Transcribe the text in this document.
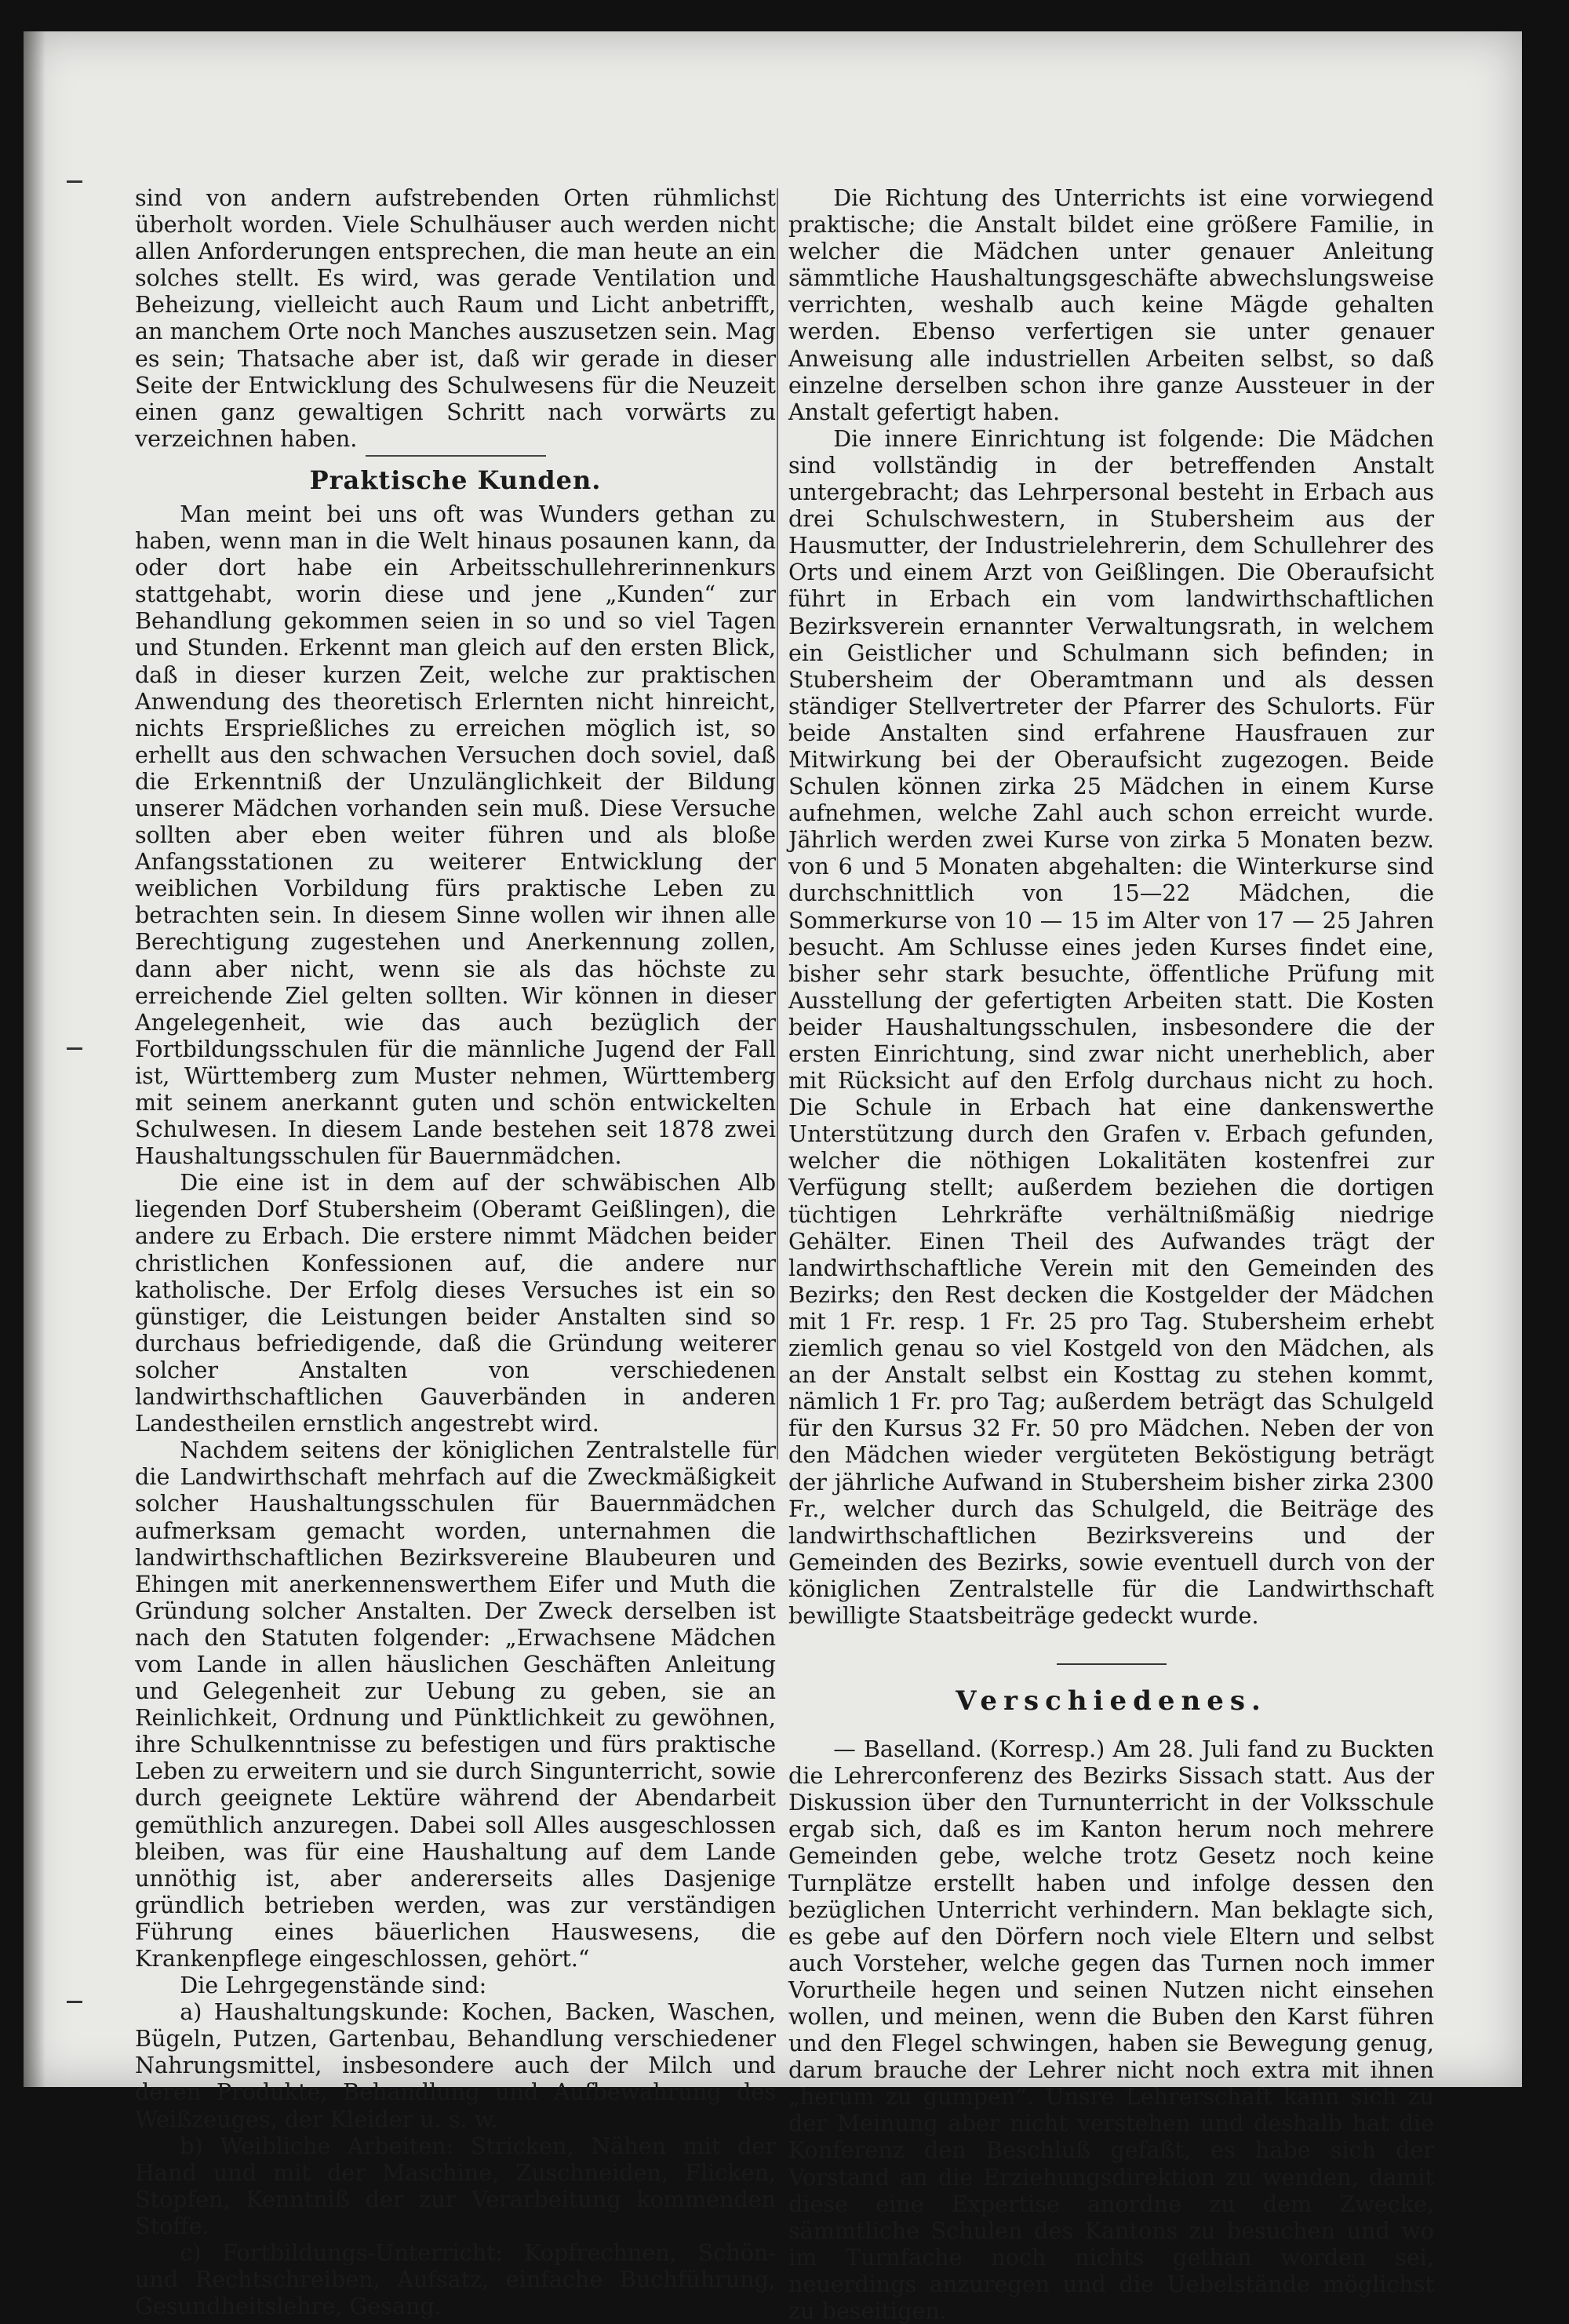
sind von andern aufstrebenden Orten rühmlichst überholt worden. Viele Schulhäuser auch werden nicht allen Anforderungen entsprechen, die man heute an ein solches stellt. Es wird, was gerade Ventilation und Beheizung, vielleicht auch Raum und Licht anbetrifft, an manchem Orte noch Manches auszusetzen sein. Mag es sein; Thatsache aber ist, daß wir gerade in dieser Seite der Entwicklung des Schulwesens für die Neuzeit einen ganz gewaltigen Schritt nach vorwärts zu verzeichnen haben.

Praktische Kunden.

Man meint bei uns oft was Wunders gethan zu haben, wenn man in die Welt hinaus posaunen kann, da oder dort habe ein Arbeitsschullehrerinnenkurs stattgehabt, worin diese und jene „Kunden“ zur Behandlung gekommen seien in so und so viel Tagen und Stunden. Erkennt man gleich auf den ersten Blick, daß in dieser kurzen Zeit, welche zur praktischen Anwendung des theoretisch Erlernten nicht hinreicht, nichts Ersprießliches zu erreichen möglich ist, so erhellt aus den schwachen Versuchen doch soviel, daß die Erkenntniß der Unzulänglichkeit der Bildung unserer Mädchen vorhanden sein muß. Diese Versuche sollten aber eben weiter führen und als bloße Anfangsstationen zu weiterer Entwicklung der weiblichen Vorbildung fürs praktische Leben zu betrachten sein. In diesem Sinne wollen wir ihnen alle Berechtigung zugestehen und Anerkennung zollen, dann aber nicht, wenn sie als das höchste zu erreichende Ziel gelten sollten. Wir können in dieser Angelegenheit, wie das auch bezüglich der Fortbildungsschulen für die männliche Jugend der Fall ist, Württemberg zum Muster nehmen, Württemberg mit seinem anerkannt guten und schön entwickelten Schulwesen. In diesem Lande bestehen seit 1878 zwei Haushaltungsschulen für Bauernmädchen.

Die eine ist in dem auf der schwäbischen Alb liegenden Dorf Stubersheim (Oberamt Geißlingen), die andere zu Erbach. Die erstere nimmt Mädchen beider christlichen Konfessionen auf, die andere nur katholische. Der Erfolg dieses Versuches ist ein so günstiger, die Leistungen beider Anstalten sind so durchaus befriedigende, daß die Gründung weiterer solcher Anstalten von verschiedenen landwirthschaftlichen Gauverbänden in anderen Landestheilen ernstlich angestrebt wird.

Nachdem seitens der königlichen Zentralstelle für die Landwirthschaft mehrfach auf die Zweckmäßigkeit solcher Haushaltungsschulen für Bauernmädchen aufmerksam gemacht worden, unternahmen die landwirthschaftlichen Bezirksvereine Blaubeuren und Ehingen mit anerkennenswerthem Eifer und Muth die Gründung solcher Anstalten. Der Zweck derselben ist nach den Statuten folgender: „Erwachsene Mädchen vom Lande in allen häuslichen Geschäften Anleitung und Gelegenheit zur Uebung zu geben, sie an Reinlichkeit, Ordnung und Pünktlichkeit zu gewöhnen, ihre Schulkenntnisse zu befestigen und fürs praktische Leben zu erweitern und sie durch Singunterricht, sowie durch geeignete Lektüre während der Abendarbeit gemüthlich anzuregen. Dabei soll Alles ausgeschlossen bleiben, was für eine Haushaltung auf dem Lande unnöthig ist, aber andererseits alles Dasjenige gründlich betrieben werden, was zur verständigen Führung eines bäuerlichen Hauswesens, die Krankenpflege eingeschlossen, gehört.“

Die Lehrgegenstände sind:

a) Haushaltungskunde: Kochen, Backen, Waschen, Bügeln, Putzen, Gartenbau, Behandlung verschiedener Nahrungsmittel, insbesondere auch der Milch und deren Produkte, Behandlung und Aufbewahrung des Weißzeuges, der Kleider u. s. w.

b) Weibliche Arbeiten: Stricken, Nähen mit der Hand und mit der Maschine, Zuschneiden, Flicken, Stopfen, Kenntniß der zur Verarbeitung kommenden Stoffe.

c) Fortbildungs-Unterricht: Kopfrechnen, Schön- und Rechtschreiben, Aufsatz, einfache Buchführung, Gesundheitslehre, Gesang.

Die Richtung des Unterrichts ist eine vorwiegend praktische; die Anstalt bildet eine größere Familie, in welcher die Mädchen unter genauer Anleitung sämmtliche Haushaltungsgeschäfte abwechslungsweise verrichten, weshalb auch keine Mägde gehalten werden. Ebenso verfertigen sie unter genauer Anweisung alle industriellen Arbeiten selbst, so daß einzelne derselben schon ihre ganze Aussteuer in der Anstalt gefertigt haben.

Die innere Einrichtung ist folgende: Die Mädchen sind vollständig in der betreffenden Anstalt untergebracht; das Lehrpersonal besteht in Erbach aus drei Schulschwestern, in Stubersheim aus der Hausmutter, der Industrielehrerin, dem Schullehrer des Orts und einem Arzt von Geißlingen. Die Oberaufsicht führt in Erbach ein vom landwirthschaftlichen Bezirksverein ernannter Verwaltungsrath, in welchem ein Geistlicher und Schulmann sich befinden; in Stubersheim der Oberamtmann und als dessen ständiger Stellvertreter der Pfarrer des Schulorts. Für beide Anstalten sind erfahrene Hausfrauen zur Mitwirkung bei der Oberaufsicht zugezogen. Beide Schulen können zirka 25 Mädchen in einem Kurse aufnehmen, welche Zahl auch schon erreicht wurde. Jährlich werden zwei Kurse von zirka 5 Monaten bezw. von 6 und 5 Monaten abgehalten: die Winterkurse sind durchschnittlich von 15—22 Mädchen, die Sommerkurse von 10 — 15 im Alter von 17 — 25 Jahren besucht. Am Schlusse eines jeden Kurses findet eine, bisher sehr stark besuchte, öffentliche Prüfung mit Ausstellung der gefertigten Arbeiten statt. Die Kosten beider Haushaltungsschulen, insbesondere die der ersten Einrichtung, sind zwar nicht unerheblich, aber mit Rücksicht auf den Erfolg durchaus nicht zu hoch. Die Schule in Erbach hat eine dankenswerthe Unterstützung durch den Grafen v. Erbach gefunden, welcher die nöthigen Lokalitäten kostenfrei zur Verfügung stellt; außerdem beziehen die dortigen tüchtigen Lehrkräfte verhältnißmäßig niedrige Gehälter. Einen Theil des Aufwandes trägt der landwirthschaftliche Verein mit den Gemeinden des Bezirks; den Rest decken die Kostgelder der Mädchen mit 1 Fr. resp. 1 Fr. 25 pro Tag. Stubersheim erhebt ziemlich genau so viel Kostgeld von den Mädchen, als an der Anstalt selbst ein Kosttag zu stehen kommt, nämlich 1 Fr. pro Tag; außerdem beträgt das Schulgeld für den Kursus 32 Fr. 50 pro Mädchen. Neben der von den Mädchen wieder vergüteten Beköstigung beträgt der jährliche Aufwand in Stubersheim bisher zirka 2300 Fr., welcher durch das Schulgeld, die Beiträge des landwirthschaftlichen Bezirksvereins und der Gemeinden des Bezirks, sowie eventuell durch von der königlichen Zentralstelle für die Landwirthschaft bewilligte Staatsbeiträge gedeckt wurde.

Verschiedenes.

— Baselland. (Korresp.) Am 28. Juli fand zu Buckten die Lehrerconferenz des Bezirks Sissach statt. Aus der Diskussion über den Turnunterricht in der Volksschule ergab sich, daß es im Kanton herum noch mehrere Gemeinden gebe, welche trotz Gesetz noch keine Turnplätze erstellt haben und infolge dessen den bezüglichen Unterricht verhindern. Man beklagte sich, es gebe auf den Dörfern noch viele Eltern und selbst auch Vorsteher, welche gegen das Turnen noch immer Vorurtheile hegen und seinen Nutzen nicht einsehen wollen, und meinen, wenn die Buben den Karst führen und den Flegel schwingen, haben sie Bewegung genug, darum brauche der Lehrer nicht noch extra mit ihnen „herum zu gumpen“. Unsre Lehrerschaft kann sich zu der Meinung aber nicht verstehen und deshalb hat die Konferenz den Beschluß gefaßt, es habe sich der Vorstand an die Erziehungsdirektion zu wenden, damit diese eine Expertise anordne zu dem Zwecke, sämmtliche Schulen des Kantons zu besuchen und wo im Turnfache noch nichts gethan worden sei, neuerdings anzuregen und die Uebelstände möglichst zu beseitigen.
